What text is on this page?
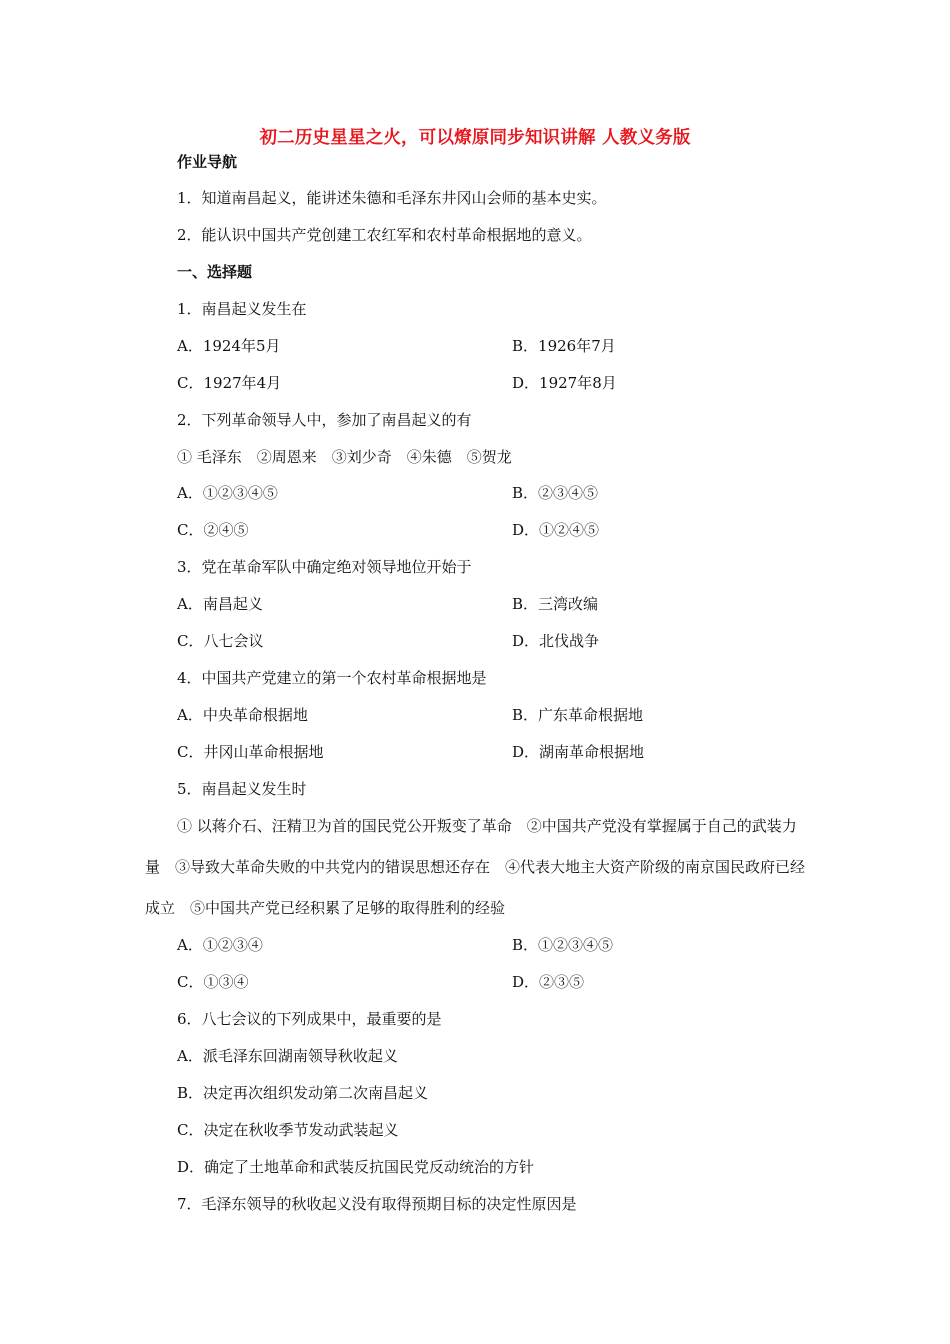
初二历史星星之火，可以燎原同步知识讲解 人教义务版
作业导航
1．知道南昌起义，能讲述朱德和毛泽东井冈山会师的基本史实。
2．能认识中国共产党创建工农红军和农村革命根据地的意义。
一、选择题
1．南昌起义发生在
A．1924年5月	B．1926年7月
C．1927年4月	D．1927年8月
2．下列革命领导人中，参加了南昌起义的有
① 毛泽东　②周恩来　③刘少奇　④朱德　⑤贺龙
A．①②③④⑤	B．②③④⑤
C．②④⑤	D．①②④⑤
3．党在革命军队中确定绝对领导地位开始于
A．南昌起义	B．三湾改编
C．八七会议	D．北伐战争
4．中国共产党建立的第一个农村革命根据地是
A．中央革命根据地	B．广东革命根据地
C．井冈山革命根据地	D．湖南革命根据地
5．南昌起义发生时
① 以蒋介石、汪精卫为首的国民党公开叛变了革命　②中国共产党没有掌握属于自己的武装力量　③导致大革命失败的中共党内的错误思想还存在　④代表大地主大资产阶级的南京国民政府已经成立　⑤中国共产党已经积累了足够的取得胜利的经验
A．①②③④	B．①②③④⑤
C．①③④	D．②③⑤
6．八七会议的下列成果中，最重要的是
A．派毛泽东回湖南领导秋收起义
B．决定再次组织发动第二次南昌起义
C．决定在秋收季节发动武装起义
D．确定了土地革命和武装反抗国民党反动统治的方针
7．毛泽东领导的秋收起义没有取得预期目标的决定性原因是
